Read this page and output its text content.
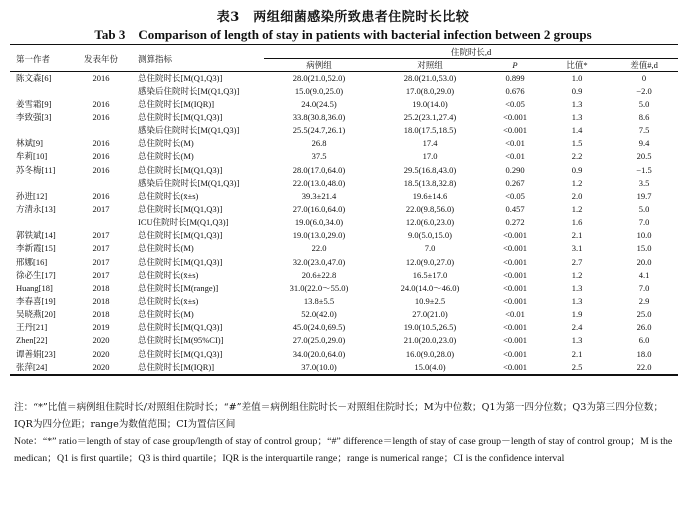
表3　两组细菌感染所致患者住院时长比较
Tab 3　Comparison of length of stay in patients with bacterial infection between 2 groups
第一作者	发表年份	测算指标	住院时长,d				
			病例组	对照组	P	比值*	差值#,d
陈文森[6]	2016	总住院时长[M(Q1,Q3)]	28.0(21.0,52.0)	28.0(21.0,53.0)	0.899	1.0	0
		感染后住院时长[M(Q1,Q3)]	15.0(9.0,25.0)	17.0(8.0,29.0)	0.676	0.9	−2.0
姜雪霜[9]	2016	总住院时长[M(IQR)]	24.0(24.5)	19.0(14.0)	<0.05	1.3	5.0
李致强[3]	2016	总住院时长[M(Q1,Q3)]	33.8(30.8,36.0)	25.2(23.1,27.4)	<0.001	1.3	8.6
		感染后住院时长[M(Q1,Q3)]	25.5(24.7,26.1)	18.0(17.5,18.5)	<0.001	1.4	7.5
林斌[9]	2016	总住院时长(M)	26.8	17.4	<0.01	1.5	9.4
牟莉[10]	2016	总住院时长(M)	37.5	17.0	<0.01	2.2	20.5
苏冬梅[11]	2016	总住院时长[M(Q1,Q3)]	28.0(17.0,64.0)	29.5(16.8,43.0)	0.290	0.9	−1.5
		感染后住院时长[M(Q1,Q3)]	22.0(13.0,48.0)	18.5(13.8,32.8)	0.267	1.2	3.5
孙进[12]	2016	总住院时长(x̄±s)	39.3±21.4	19.6±14.6	<0.05	2.0	19.7
方清永[13]	2017	总住院时长[M(Q1,Q3)]	27.0(16.0,64.0)	22.0(9.8,56.0)	0.457	1.2	5.0
		ICU住院时长[M(Q1,Q3)]	19.0(6.0,34.0)	12.0(6.0,23.0)	0.272	1.6	7.0
郭铁斌[14]	2017	总住院时长[M(Q1,Q3)]	19.0(13.0,29.0)	9.0(5.0,15.0)	<0.001	2.1	10.0
李新霞[15]	2017	总住院时长(M)	22.0	7.0	<0.001	3.1	15.0
邢娜[16]	2017	总住院时长[M(Q1,Q3)]	32.0(23.0,47.0)	12.0(9.0,27.0)	<0.001	2.7	20.0
徐必生[17]	2017	总住院时长(x̄±s)	20.6±22.8	16.5±17.0	<0.001	1.2	4.1
Huang[18]	2018	总住院时长[M(range)]	31.0(22.0～55.0)	24.0(14.0～46.0)	<0.001	1.3	7.0
李春喜[19]	2018	总住院时长(x̄±s)	13.8±5.5	10.9±2.5	<0.001	1.3	2.9
吴晓燕[20]	2018	总住院时长(M)	52.0(42.0)	27.0(21.0)	<0.01	1.9	25.0
王丹[21]	2019	总住院时长[M(Q1,Q3)]	45.0(24.0,69.5)	19.0(10.5,26.5)	<0.001	2.4	26.0
Zhen[22]	2020	总住院时长[M(95%CI)]	27.0(25.0,29.0)	21.0(20.0,23.0)	<0.001	1.3	6.0
谭善娟[23]	2020	总住院时长[M(Q1,Q3)]	34.0(20.0,64.0)	16.0(9.0,28.0)	<0.001	2.1	18.0
张萍[24]	2020	总住院时长[M(IQR)]	37.0(10.0)	15.0(4.0)	<0.001	2.5	22.0
注：“*”比值＝病例组住院时长/对照组住院时长；“#”差值＝病例组住院时长－对照组住院时长；M为中位数；Q1为第一四分位数；Q3为第三四分位数；IQR为四分位距；range为数值范围；CI为置信区间
Note：“*” ratio＝length of stay of case group/length of stay of control group；“#” difference＝length of stay of case group－length of stay of control group；M is the medican；Q1 is first quartile；Q3 is third quartile；IQR is the interquartile range；range is numerical range；CI is the confidence interval
